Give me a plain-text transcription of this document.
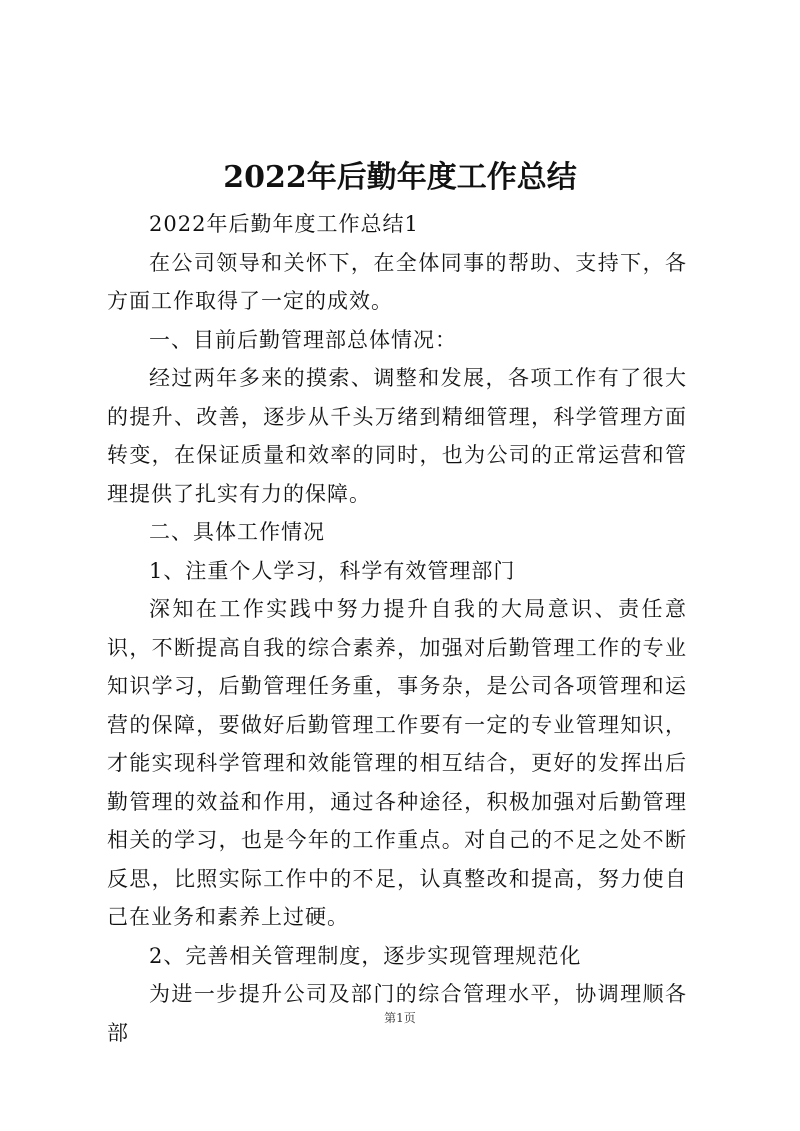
2022年后勤年度工作总结

2022年后勤年度工作总结1

在公司领导和关怀下，在全体同事的帮助、支持下，各方面工作取得了一定的成效。

一、目前后勤管理部总体情况：

经过两年多来的摸索、调整和发展，各项工作有了很大的提升、改善，逐步从千头万绪到精细管理，科学管理方面转变，在保证质量和效率的同时，也为公司的正常运营和管理提供了扎实有力的保障。

二、具体工作情况

1、注重个人学习，科学有效管理部门

深知在工作实践中努力提升自我的大局意识、责任意识，不断提高自我的综合素养，加强对后勤管理工作的专业知识学习，后勤管理任务重，事务杂，是公司各项管理和运营的保障，要做好后勤管理工作要有一定的专业管理知识，才能实现科学管理和效能管理的相互结合，更好的发挥出后勤管理的效益和作用，通过各种途径，积极加强对后勤管理相关的学习，也是今年的工作重点。对自己的不足之处不断反思，比照实际工作中的不足，认真整改和提高，努力使自己在业务和素养上过硬。

2、完善相关管理制度，逐步实现管理规范化

为进一步提升公司及部门的综合管理水平，协调理顺各部

第1页
